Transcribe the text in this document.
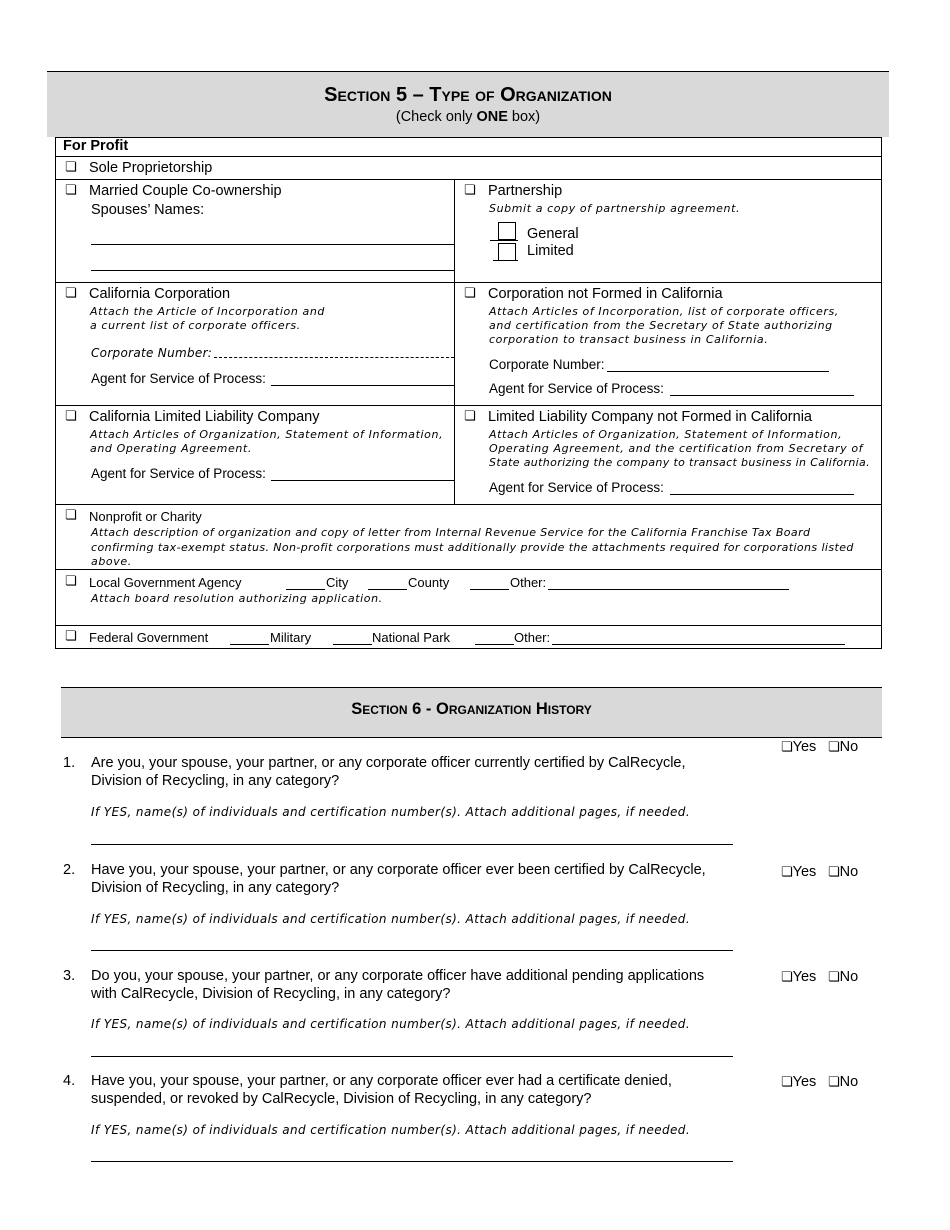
Section 5 – Type of Organization
(Check only ONE box)
For Profit
❏ Sole Proprietorship
❏ Married Couple Co-ownership
Spouses’ Names:
❏ Partnership
Submit a copy of partnership agreement.
General
Limited
❏ California Corporation
Attach the Article of Incorporation and
a current list of corporate officers.
Corporate Number:
Agent for Service of Process:
❏ Corporation not Formed in California
Attach Articles of Incorporation, list of corporate officers,
and certification from the Secretary of State authorizing
corporation to transact business in California.
Corporate Number:
Agent for Service of Process:
❏ California Limited Liability Company
Attach Articles of Organization, Statement of Information,
and Operating Agreement.
Agent for Service of Process:
❏ Limited Liability Company not Formed in California
Attach Articles of Organization, Statement of Information,
Operating Agreement, and the certification from Secretary of
State authorizing the company to transact business in California.
Agent for Service of Process:
❏ Nonprofit or Charity
Attach description of organization and copy of letter from Internal Revenue Service for the California Franchise Tax Board
confirming tax-exempt status. Non-profit corporations must additionally provide the attachments required for corporations listed
above.
❏ Local Government Agency	City	County	Other:
Attach board resolution authorizing application.
❏ Federal Government	Military	National Park	Other:
Section 6 - Organization History
1. Are you, your spouse, your partner, or any corporate officer currently certified by CalRecycle,
Division of Recycling, in any category?
❏Yes ❏No
If YES, name(s) of individuals and certification number(s). Attach additional pages, if needed.
2. Have you, your spouse, your partner, or any corporate officer ever been certified by CalRecycle,
Division of Recycling, in any category?
❏Yes ❏No
If YES, name(s) of individuals and certification number(s). Attach additional pages, if needed.
3. Do you, your spouse, your partner, or any corporate officer have additional pending applications
with CalRecycle, Division of Recycling, in any category?
❏Yes ❏No
If YES, name(s) of individuals and certification number(s). Attach additional pages, if needed.
4. Have you, your spouse, your partner, or any corporate officer ever had a certificate denied,
suspended, or revoked by CalRecycle, Division of Recycling, in any category?
❏Yes ❏No
If YES, name(s) of individuals and certification number(s). Attach additional pages, if needed.
